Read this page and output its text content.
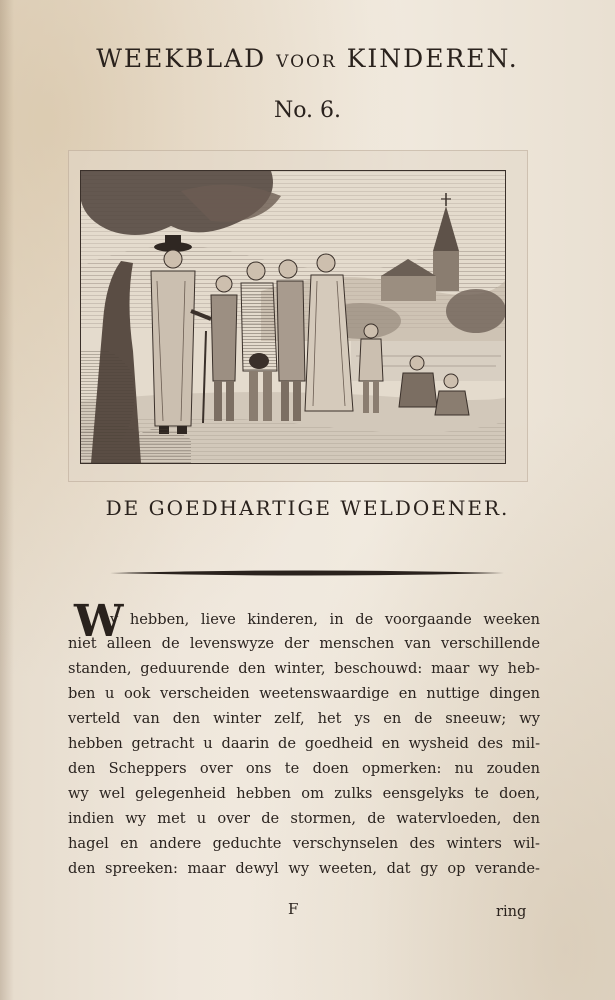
WEEKBLAD VOOR KINDEREN.
No. 6.
DE GOEDHARTIGE WELDOENER.
W
y hebben, lieve kinderen, in de voorgaande weeken
niet alleen de levenswyze der menschen van verschillende
standen, geduurende den winter, beschouwd: maar wy heb-
ben u ook verscheiden weetenswaardige en nuttige dingen
verteld van den winter zelf, het ys en de sneeuw; wy
hebben getracht u daarin de goedheid en wysheid des mil-
den Scheppers over ons te doen opmerken: nu zouden
wy wel gelegenheid hebben om zulks eensgelyks te doen,
indien wy met u over de stormen, de watervloeden, den
hagel en andere geduchte verschynselen des winters wil-
den spreeken: maar dewyl wy weeten, dat gy op verande-
F	ring
